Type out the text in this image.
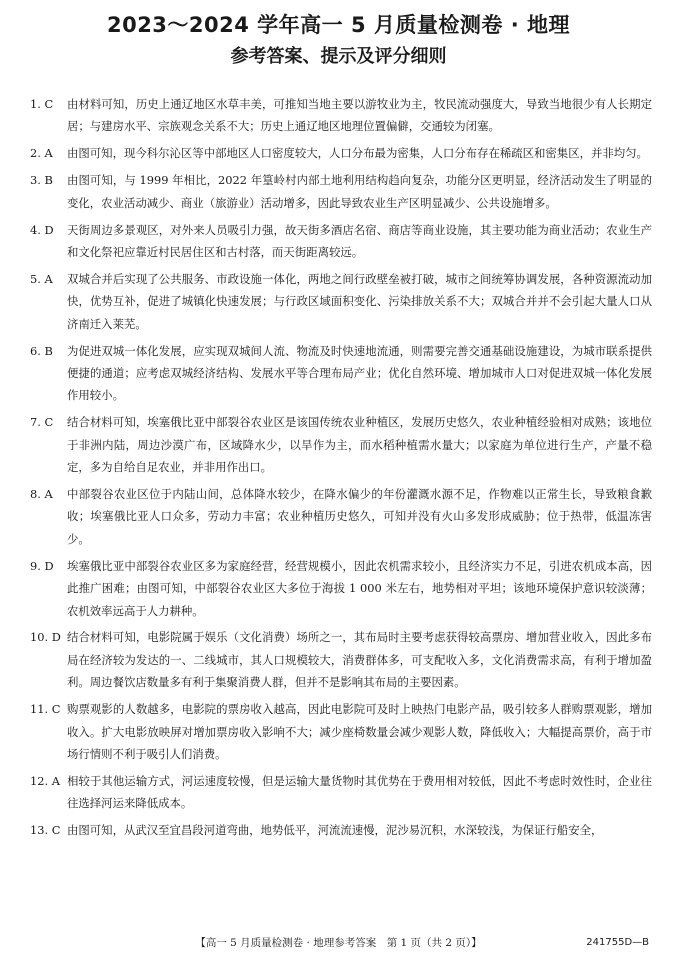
2023～2024 学年高一 5 月质量检测卷 · 地理
参考答案、提示及评分细则
1. C 由材料可知，历史上通辽地区水草丰美，可推知当地主要以游牧业为主，牧民流动强度大，导致当地很少有人长期定居；与建房水平、宗族观念关系不大；历史上通辽地区地理位置偏僻，交通较为闭塞。
2. A 由图可知，现今科尔沁区等中部地区人口密度较大，人口分布最为密集，人口分布存在稀疏区和密集区，并非均匀。
3. B 由图可知，与 1999 年相比，2022 年篁岭村内部土地利用结构趋向复杂，功能分区更明显，经济活动发生了明显的变化，农业活动减少、商业（旅游业）活动增多，因此导致农业生产区明显减少、公共设施增多。
4. D 天街周边多景观区，对外来人员吸引力强，故天街多酒店名宿、商店等商业设施，其主要功能为商业活动；农业生产和文化祭祀应靠近村民居住区和古村落，而天街距离较远。
5. A 双城合并后实现了公共服务、市政设施一体化，两地之间行政壁垒被打破，城市之间统筹协调发展，各种资源流动加快，优势互补，促进了城镇化快速发展；与行政区域面积变化、污染排放关系不大；双城合并并不会引起大量人口从济南迁入莱芜。
6. B 为促进双城一体化发展，应实现双城间人流、物流及时快速地流通，则需要完善交通基础设施建设，为城市联系提供便捷的通道；应考虑双城经济结构、发展水平等合理布局产业；优化自然环境、增加城市人口对促进双城一体化发展作用较小。
7. C 结合材料可知，埃塞俄比亚中部裂谷农业区是该国传统农业种植区，发展历史悠久，农业种植经验相对成熟；该地位于非洲内陆，周边沙漠广布，区域降水少，以旱作为主，而水稻种植需水量大；以家庭为单位进行生产，产量不稳定，多为自给自足农业，并非用作出口。
8. A 中部裂谷农业区位于内陆山间，总体降水较少，在降水偏少的年份灌溉水源不足，作物难以正常生长，导致粮食歉收；埃塞俄比亚人口众多，劳动力丰富；农业种植历史悠久，可知并没有火山多发形成威胁；位于热带，低温冻害少。
9. D 埃塞俄比亚中部裂谷农业区多为家庭经营，经营规模小，因此农机需求较小，且经济实力不足，引进农机成本高，因此推广困难；由图可知，中部裂谷农业区大多位于海拔 1 000 米左右，地势相对平坦；该地环境保护意识较淡薄；农机效率远高于人力耕种。
10. D 结合材料可知，电影院属于娱乐（文化消费）场所之一，其布局时主要考虑获得较高票房、增加营业收入，因此多布局在经济较为发达的一、二线城市，其人口规模较大，消费群体多，可支配收入多，文化消费需求高，有利于增加盈利。周边餐饮店数量多有利于集聚消费人群，但并不是影响其布局的主要因素。
11. C 购票观影的人数越多，电影院的票房收入越高，因此电影院可及时上映热门电影产品，吸引较多人群购票观影，增加收入。扩大电影放映屏对增加票房收入影响不大；减少座椅数量会减少观影人数，降低收入；大幅提高票价，高于市场行情则不利于吸引人们消费。
12. A 相较于其他运输方式，河运速度较慢，但是运输大量货物时其优势在于费用相对较低，因此不考虑时效性时，企业往往选择河运来降低成本。
13. C 由图可知，从武汉至宜昌段河道弯曲，地势低平，河流流速慢，泥沙易沉积，水深较浅，为保证行船安全，
【高一 5 月质量检测卷 · 地理参考答案　第 1 页（共 2 页）】	241755D—B
